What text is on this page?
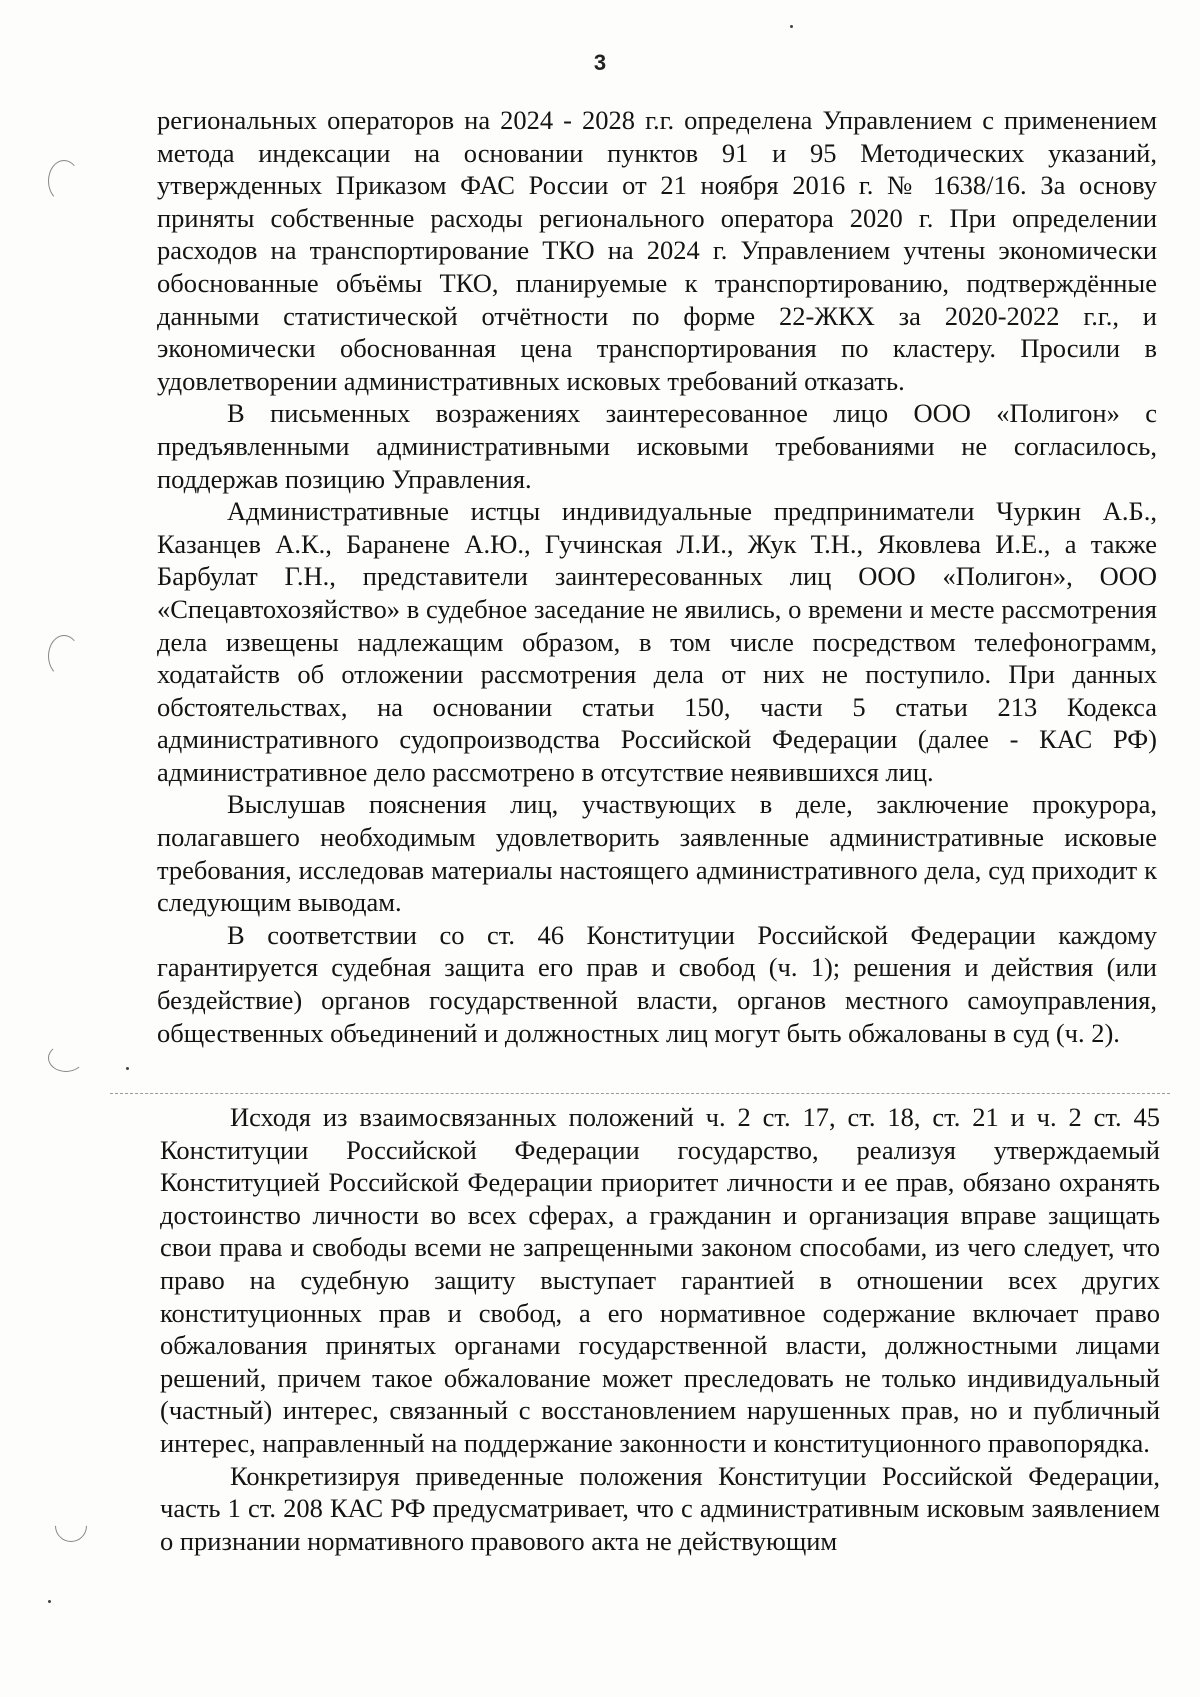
3

региональных операторов на 2024 - 2028 г.г. определена Управлением с применением метода индексации на основании пунктов 91 и 95 Методических указаний, утвержденных Приказом ФАС России от 21 ноября 2016 г. № 1638/16. За основу приняты собственные расходы регионального оператора 2020 г. При определении расходов на транспортирование ТКО на 2024 г. Управлением учтены экономически обоснованные объёмы ТКО, планируемые к транспортированию, подтверждённые данными статистической отчётности по форме 22-ЖКХ за 2020-2022 г.г., и экономически обоснованная цена транспортирования по кластеру. Просили в удовлетворении административных исковых требований отказать.

В письменных возражениях заинтересованное лицо ООО «Полигон» с предъявленными административными исковыми требованиями не согласилось, поддержав позицию Управления.

Административные истцы индивидуальные предприниматели Чуркин А.Б., Казанцев А.К., Баранене А.Ю., Гучинская Л.И., Жук Т.Н., Яковлева И.Е., а также Барбулат Г.Н., представители заинтересованных лиц ООО «Полигон», ООО «Спецавтохозяйство» в судебное заседание не явились, о времени и месте рассмотрения дела извещены надлежащим образом, в том числе посредством телефонограмм, ходатайств об отложении рассмотрения дела от них не поступило. При данных обстоятельствах, на основании статьи 150, части 5 статьи 213 Кодекса административного судопроизводства Российской Федерации (далее - КАС РФ) административное дело рассмотрено в отсутствие неявившихся лиц.

Выслушав пояснения лиц, участвующих в деле, заключение прокурора, полагавшего необходимым удовлетворить заявленные административные исковые требования, исследовав материалы настоящего административного дела, суд приходит к следующим выводам.

В соответствии со ст. 46 Конституции Российской Федерации каждому гарантируется судебная защита его прав и свобод (ч. 1); решения и действия (или бездействие) органов государственной власти, органов местного самоуправления, общественных объединений и должностных лиц могут быть обжалованы в суд (ч. 2).

Исходя из взаимосвязанных положений ч. 2 ст. 17, ст. 18, ст. 21 и ч. 2 ст. 45 Конституции Российской Федерации государство, реализуя утверждаемый Конституцией Российской Федерации приоритет личности и ее прав, обязано охранять достоинство личности во всех сферах, а гражданин и организация вправе защищать свои права и свободы всеми не запрещенными законом способами, из чего следует, что право на судебную защиту выступает гарантией в отношении всех других конституционных прав и свобод, а его нормативное содержание включает право обжалования принятых органами государственной власти, должностными лицами решений, причем такое обжалование может преследовать не только индивидуальный (частный) интерес, связанный с восстановлением нарушенных прав, но и публичный интерес, направленный на поддержание законности и конституционного правопорядка.

Конкретизируя приведенные положения Конституции Российской Федерации, часть 1 ст. 208 КАС РФ предусматривает, что с административным исковым заявлением о признании нормативного правового акта не действующим
